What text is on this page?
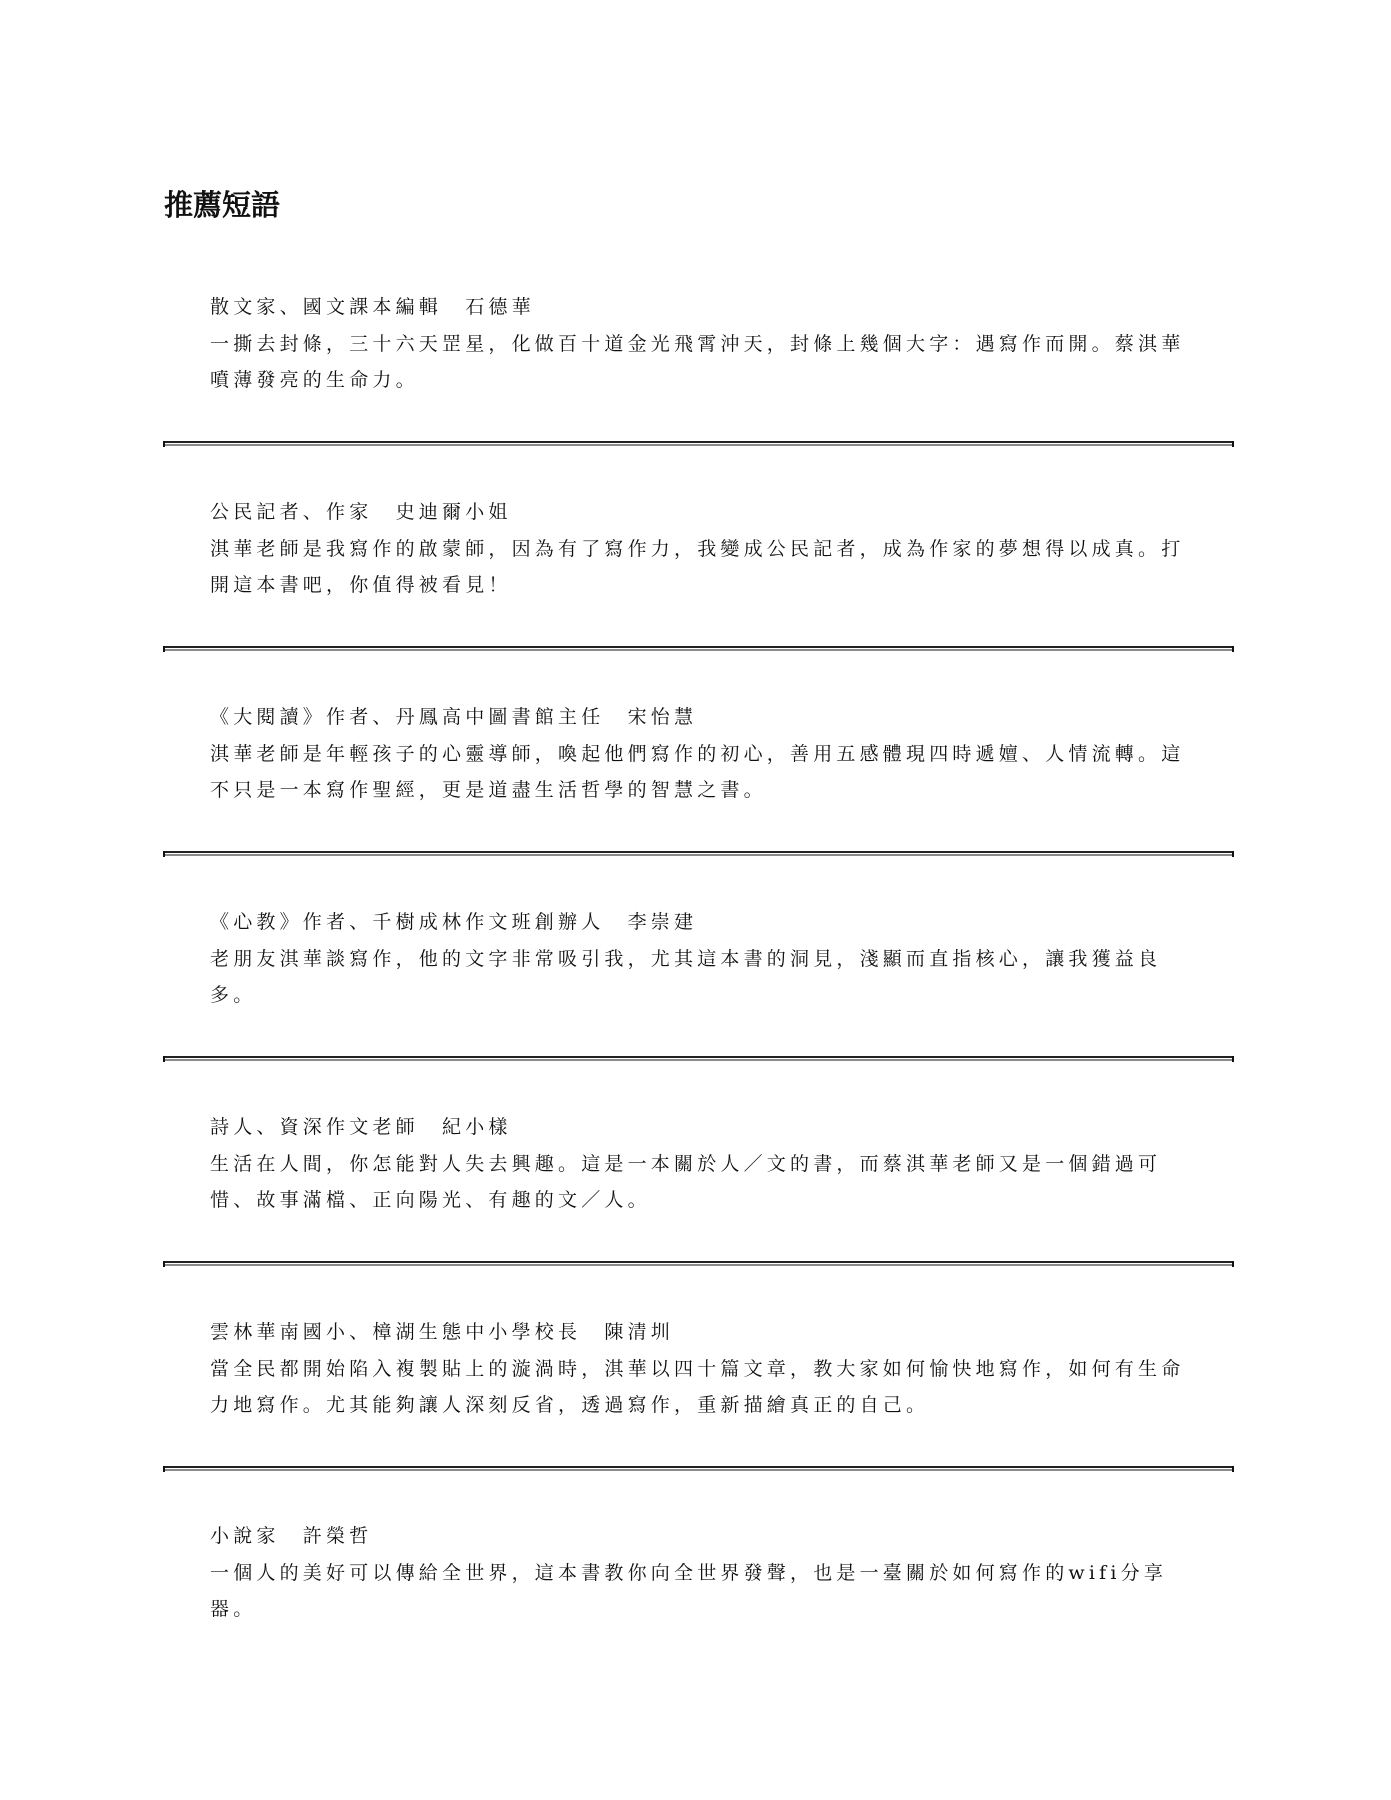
推薦短語
散文家、國文課本編輯　石德華
一撕去封條，三十六天罡星，化做百十道金光飛霄沖天，封條上幾個大字：遇寫作而開。蔡淇華
噴薄發亮的生命力。
公民記者、作家　史迪爾小姐
淇華老師是我寫作的啟蒙師，因為有了寫作力，我變成公民記者，成為作家的夢想得以成真。打
開這本書吧，你值得被看見！
《大閱讀》作者、丹鳳高中圖書館主任　宋怡慧
淇華老師是年輕孩子的心靈導師，喚起他們寫作的初心，善用五感體現四時遞嬗、人情流轉。這
不只是一本寫作聖經，更是道盡生活哲學的智慧之書。
《心教》作者、千樹成林作文班創辦人　李崇建
老朋友淇華談寫作，他的文字非常吸引我，尤其這本書的洞見，淺顯而直指核心，讓我獲益良
多。
詩人、資深作文老師　紀小樣
生活在人間，你怎能對人失去興趣。這是一本關於人／文的書，而蔡淇華老師又是一個錯過可
惜、故事滿檔、正向陽光、有趣的文／人。
雲林華南國小、樟湖生態中小學校長　陳清圳
當全民都開始陷入複製貼上的漩渦時，淇華以四十篇文章，教大家如何愉快地寫作，如何有生命
力地寫作。尤其能夠讓人深刻反省，透過寫作，重新描繪真正的自己。
小說家　許榮哲
一個人的美好可以傳給全世界，這本書教你向全世界發聲，也是一臺關於如何寫作的wifi分享
器。
